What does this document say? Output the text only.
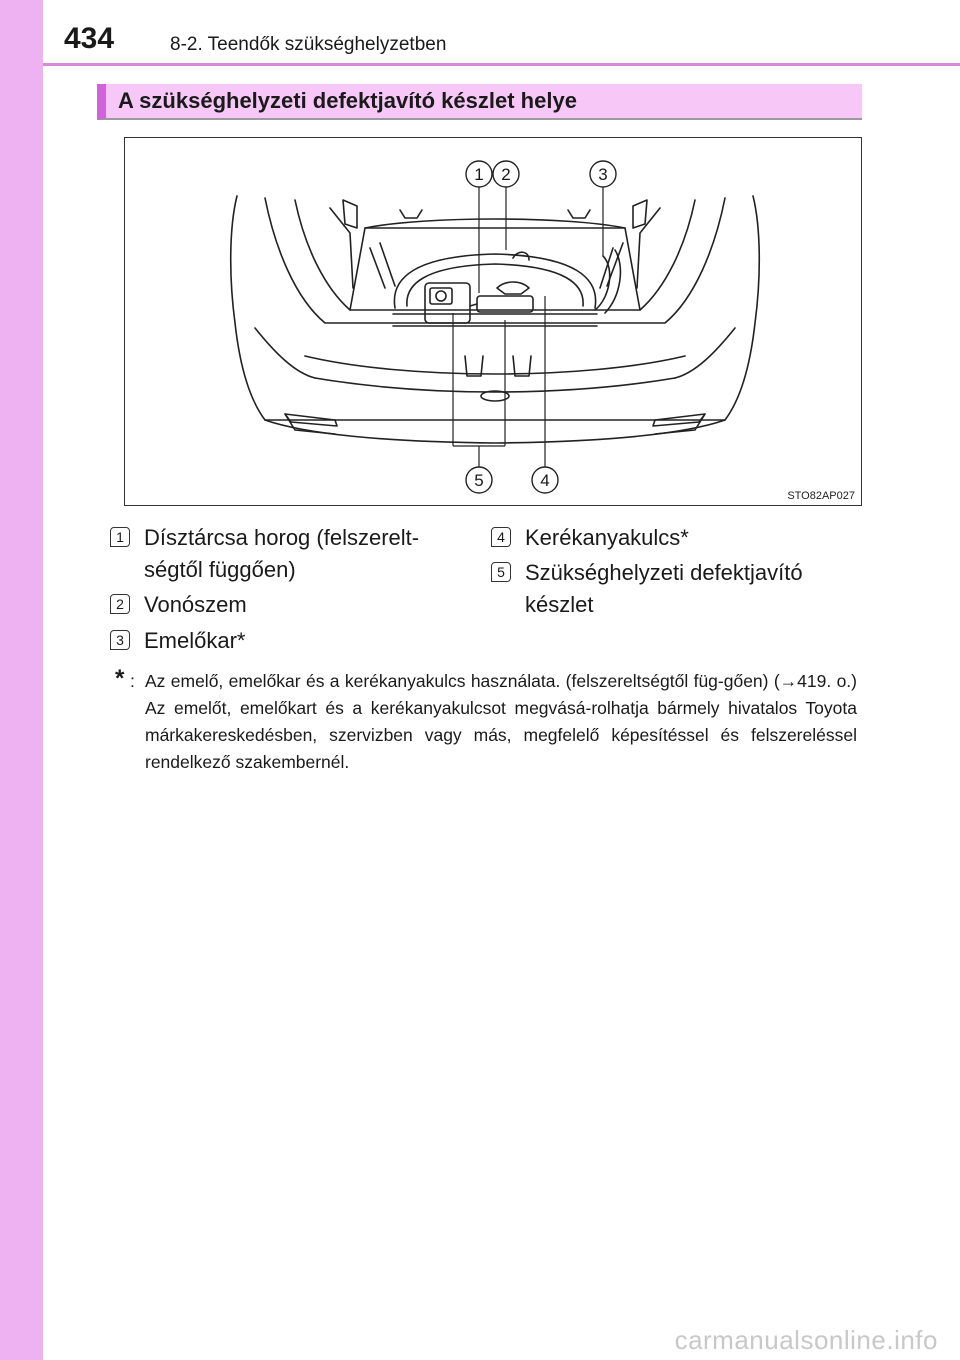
434	8-2. Teendők szükséghelyzetben
A szükséghelyzeti defektjavító készlet helye
1 2	3
5	4
STO82AP027
1 Dísztárcsa horog (felszerelt-
ségtől függően)
2 Vonószem
3 Emelőkar*
4 Kerékanyakulcs*
5 Szükséghelyzeti defektjavító
készlet
* : Az emelő, emelőkar és a kerékanyakulcs használata. (felszereltségtől füg-gően) (→419. o.) Az emelőt, emelőkart és a kerékanyakulcsot megvásá-rolhatja bármely hivatalos Toyota márkakereskedésben, szervizben vagy más, megfelelő képesítéssel és felszereléssel rendelkező szakembernél.
carmanualsonline.info
